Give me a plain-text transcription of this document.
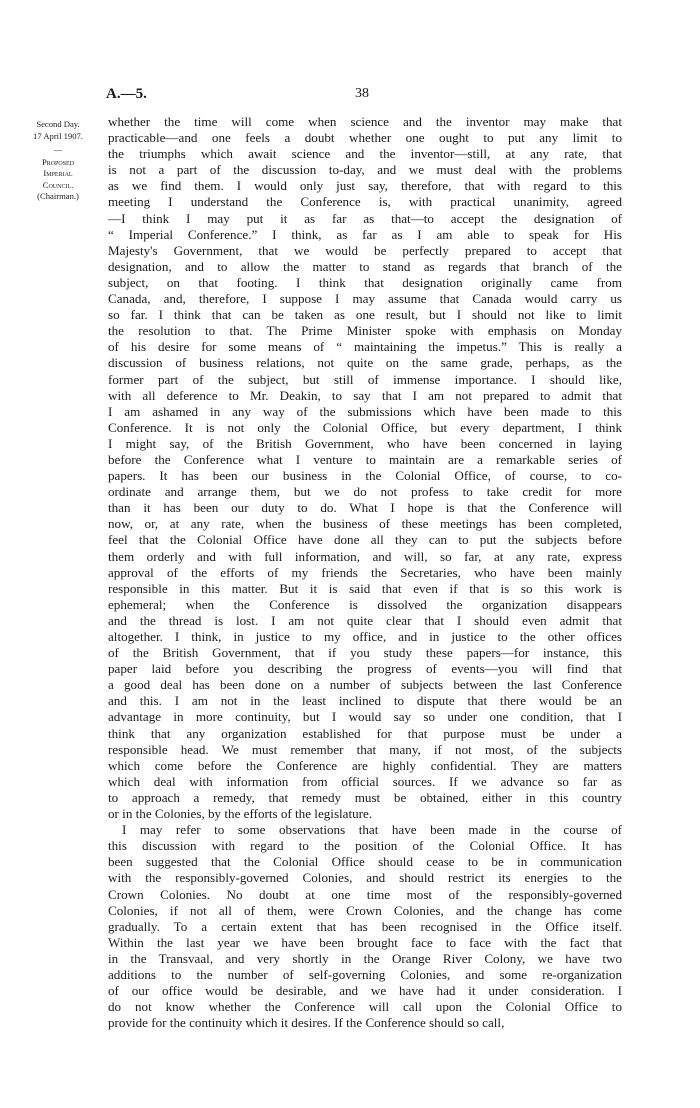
A.—5.	38
Second Day.
17 April 1907.
—
Proposed
Imperial
Council.
(Chairman.)
whether the time will come when science and the inventor may make that
practicable—and one feels a doubt whether one ought to put any limit to
the triumphs which await science and the inventor—still, at any rate, that
is not a part of the discussion to-day, and we must deal with the problems
as we find them. I would only just say, therefore, that with regard to this
meeting I understand the Conference is, with practical unanimity, agreed
—I think I may put it as far as that—to accept the designation of
“ Imperial Conference.” I think, as far as I am able to speak for His
Majesty's Government, that we would be perfectly prepared to accept that
designation, and to allow the matter to stand as regards that branch of the
subject, on that footing. I think that designation originally came from
Canada, and, therefore, I suppose I may assume that Canada would carry us
so far. I think that can be taken as one result, but I should not like to limit
the resolution to that. The Prime Minister spoke with emphasis on Monday
of his desire for some means of “ maintaining the impetus.” This is really a
discussion of business relations, not quite on the same grade, perhaps, as the
former part of the subject, but still of immense importance. I should like,
with all deference to Mr. Deakin, to say that I am not prepared to admit that
I am ashamed in any way of the submissions which have been made to this
Conference. It is not only the Colonial Office, but every department, I think
I might say, of the British Government, who have been concerned in laying
before the Conference what I venture to maintain are a remarkable series of
papers. It has been our business in the Colonial Office, of course, to co-
ordinate and arrange them, but we do not profess to take credit for more
than it has been our duty to do. What I hope is that the Conference will
now, or, at any rate, when the business of these meetings has been completed,
feel that the Colonial Office have done all they can to put the subjects before
them orderly and with full information, and will, so far, at any rate, express
approval of the efforts of my friends the Secretaries, who have been mainly
responsible in this matter. But it is said that even if that is so this work is
ephemeral; when the Conference is dissolved the organization disappears
and the thread is lost. I am not quite clear that I should even admit that
altogether. I think, in justice to my office, and in justice to the other offices
of the British Government, that if you study these papers—for instance, this
paper laid before you describing the progress of events—you will find that
a good deal has been done on a number of subjects between the last Conference
and this. I am not in the least inclined to dispute that there would be an
advantage in more continuity, but I would say so under one condition, that I
think that any organization established for that purpose must be under a
responsible head. We must remember that many, if not most, of the subjects
which come before the Conference are highly confidential. They are matters
which deal with information from official sources. If we advance so far as
to approach a remedy, that remedy must be obtained, either in this country
or in the Colonies, by the efforts of the legislature.
I may refer to some observations that have been made in the course of
this discussion with regard to the position of the Colonial Office. It has
been suggested that the Colonial Office should cease to be in communication
with the responsibly-governed Colonies, and should restrict its energies to the
Crown Colonies. No doubt at one time most of the responsibly-governed
Colonies, if not all of them, were Crown Colonies, and the change has come
gradually. To a certain extent that has been recognised in the Office itself.
Within the last year we have been brought face to face with the fact that
in the Transvaal, and very shortly in the Orange River Colony, we have two
additions to the number of self-governing Colonies, and some re-organization
of our office would be desirable, and we have had it under consideration. I
do not know whether the Conference will call upon the Colonial Office to
provide for the continuity which it desires. If the Conference should so call,
